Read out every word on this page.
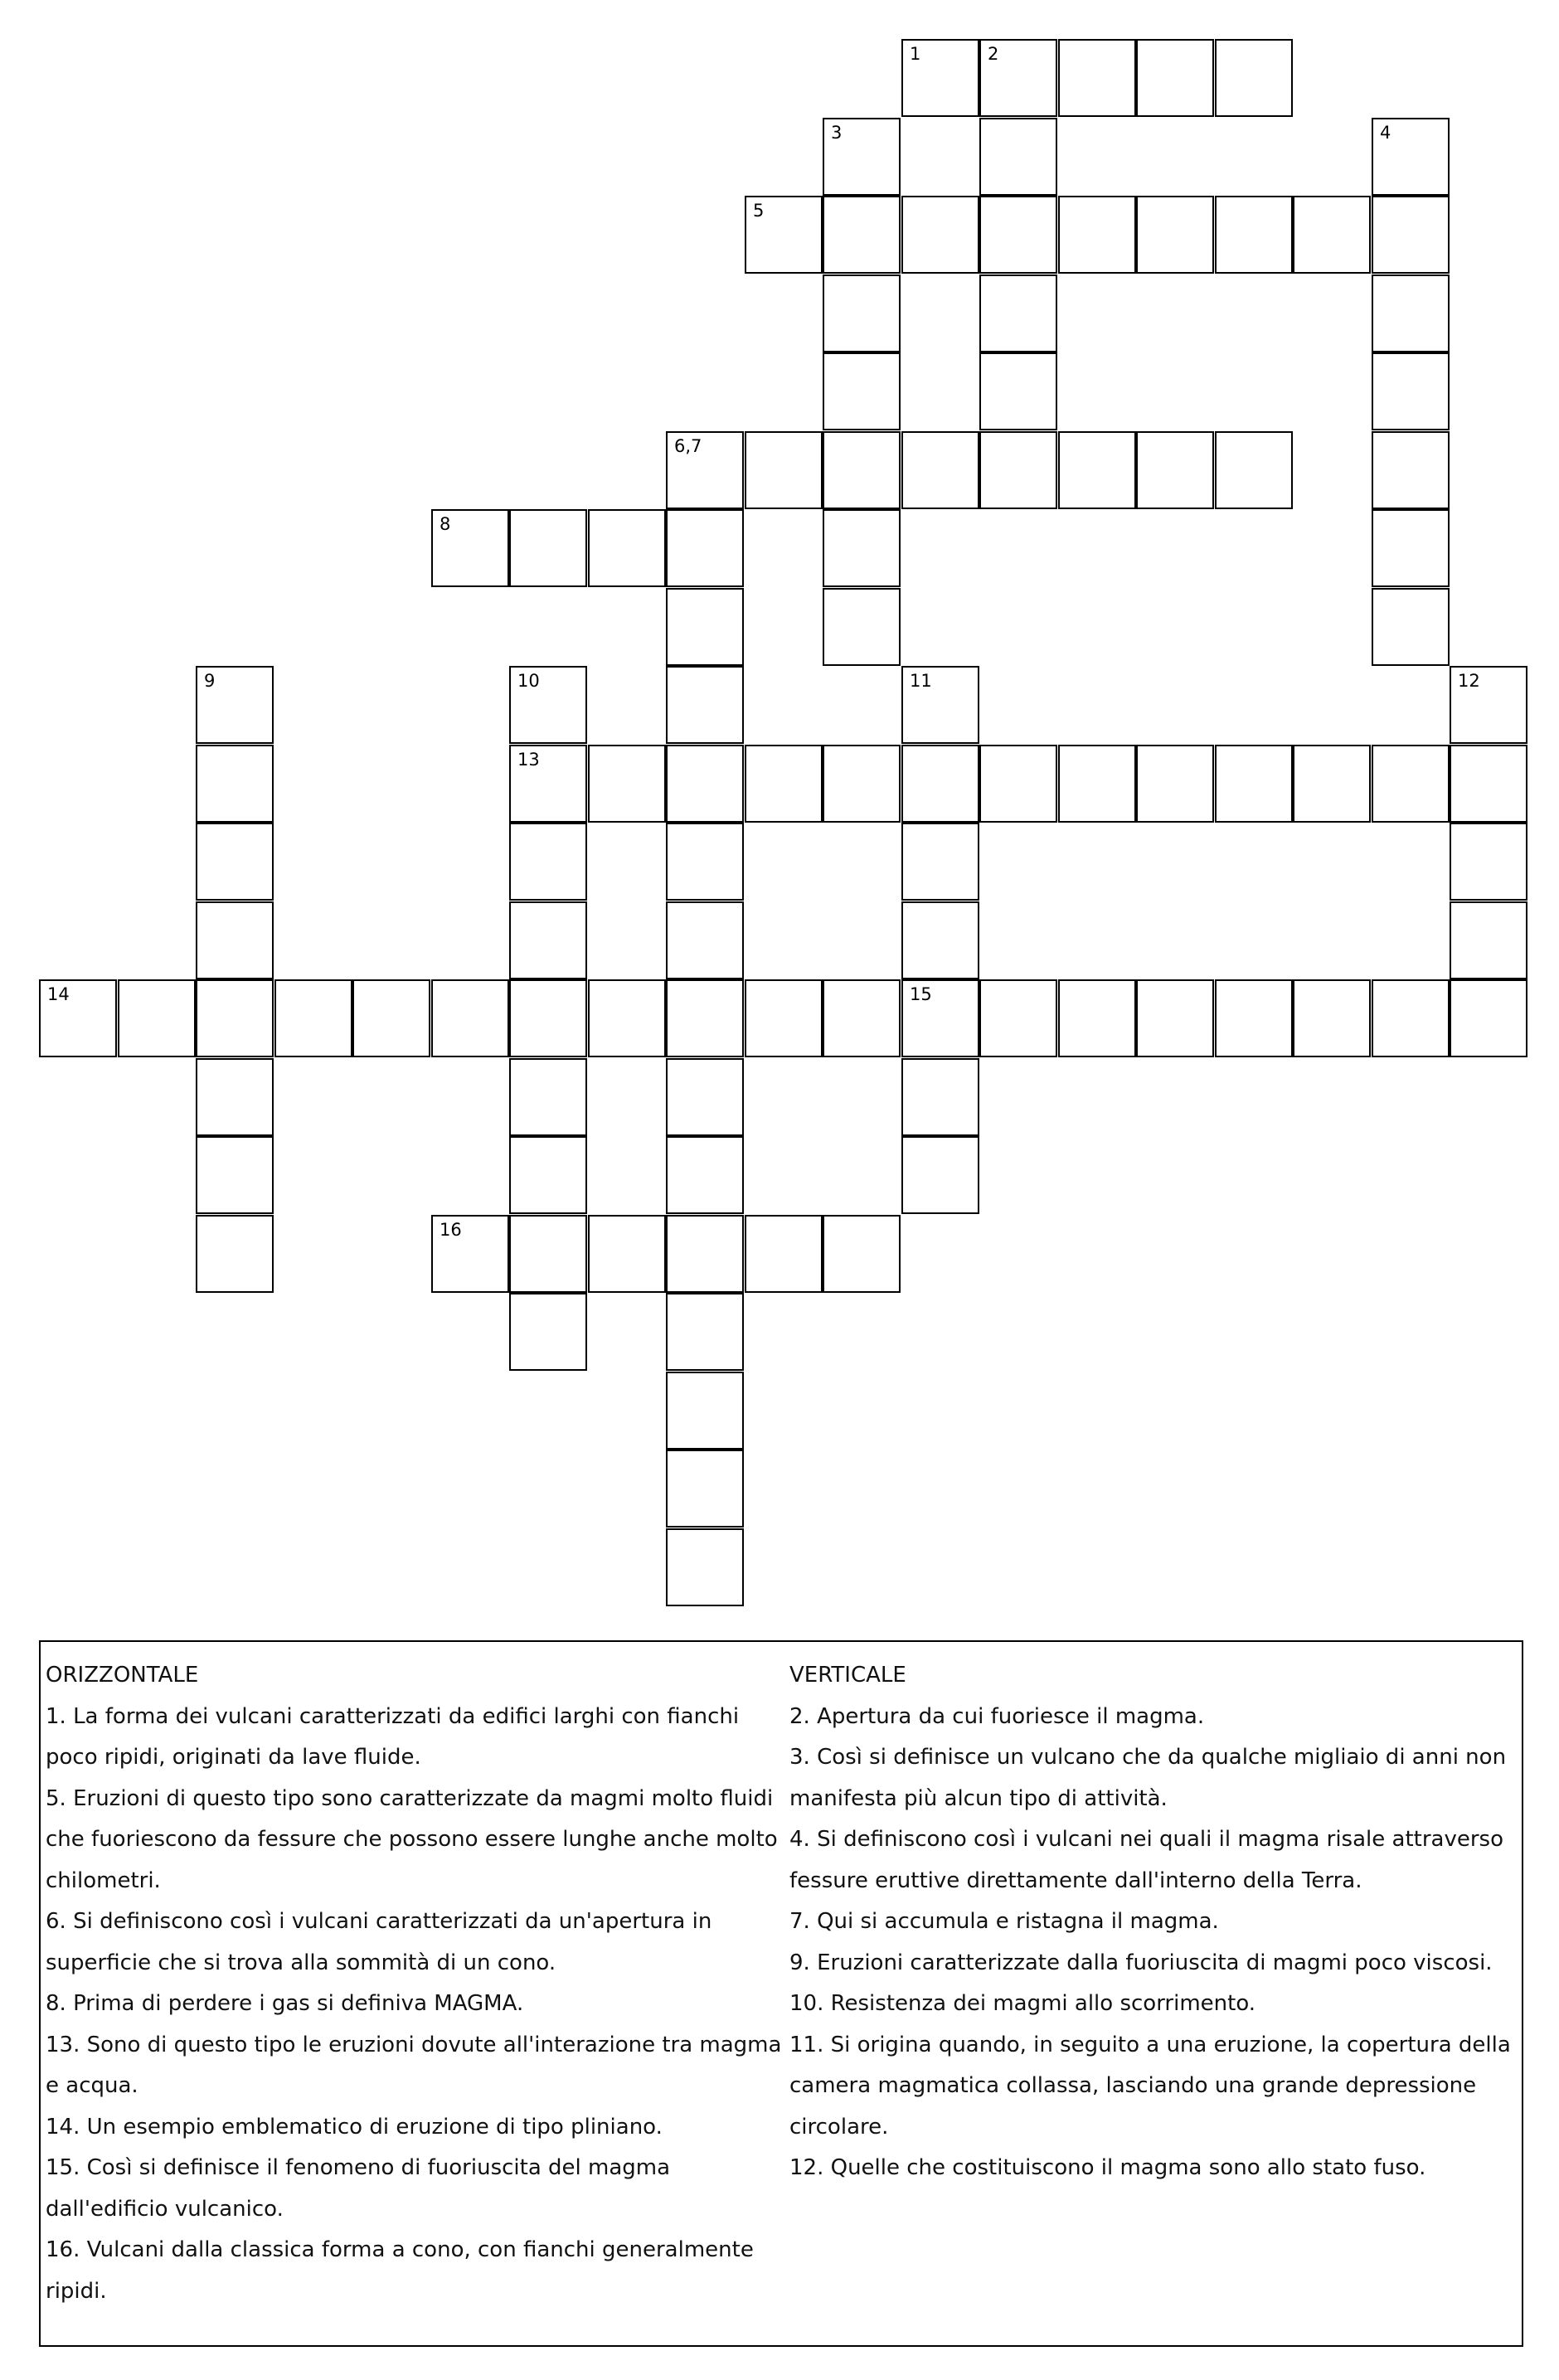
1	2
3	4
5
6,7
8
9	10
13
11
15
12
14
16

ORIZZONTALE

1. La forma dei vulcani caratterizzati da edifici larghi con fianchi poco ripidi, originati da lave fluide.

5. Eruzioni di questo tipo sono caratterizzate da magmi molto fluidi che fuoriescono da fessure che possono essere lunghe anche molto chilometri.

6. Si definiscono così i vulcani caratterizzati da un'apertura in superficie che si trova alla sommità di un cono.

8. Prima di perdere i gas si definiva MAGMA.

13. Sono di questo tipo le eruzioni dovute all'interazione tra magma e acqua.

14. Un esempio emblematico di eruzione di tipo pliniano.

15. Così si definisce il fenomeno di fuoriuscita del magma dall'edificio vulcanico.

16. Vulcani dalla classica forma a cono, con fianchi generalmente ripidi.

VERTICALE

2. Apertura da cui fuoriesce il magma.

3. Così si definisce un vulcano che da qualche migliaio di anni non manifesta più alcun tipo di attività.

4. Si definiscono così i vulcani nei quali il magma risale attraverso fessure eruttive direttamente dall'interno della Terra.

7. Qui si accumula e ristagna il magma.

9. Eruzioni caratterizzate dalla fuoriuscita di magmi poco viscosi.

10. Resistenza dei magmi allo scorrimento.

11. Si origina quando, in seguito a una eruzione, la copertura della camera magmatica collassa, lasciando una grande depressione circolare.

12. Quelle che costituiscono il magma sono allo stato fuso.
